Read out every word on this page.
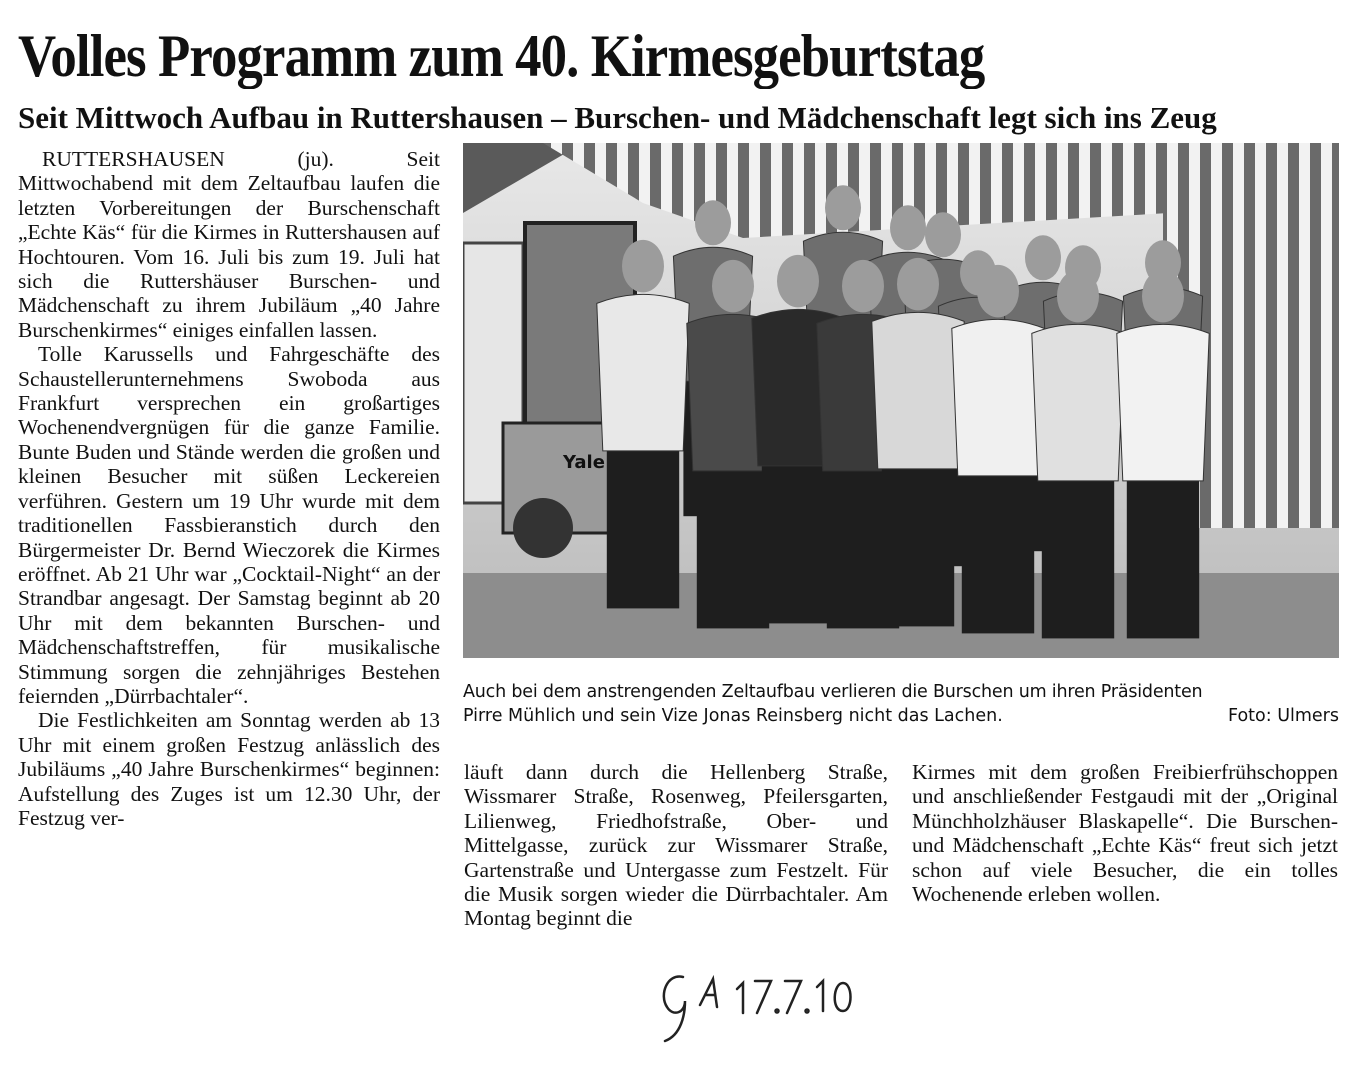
Volles Programm zum 40. Kirmesgeburtstag
Seit Mittwoch Aufbau in Ruttershausen – Burschen- und Mädchenschaft legt sich ins Zeug

RUTTERSHAUSEN (ju).	Seit Mittwochabend mit dem Zeltaufbau laufen die letzten Vorbereitungen der Burschenschaft „Echte Käs“ für die Kirmes in Ruttershausen auf Hochtouren. Vom 16. Juli bis zum 19. Juli hat sich die Ruttershäuser Burschen- und Mädchenschaft zu ihrem Jubiläum „40 Jahre Burschenkirmes“ einiges einfallen lassen.

Tolle Karussells und Fahrgeschäfte des Schaustellerunternehmens Swoboda aus Frankfurt versprechen ein großartiges Wochenendvergnügen für die ganze Familie. Bunte Buden und Stände werden die großen und kleinen Besucher mit süßen Leckereien verführen. Gestern um 19 Uhr wurde mit dem traditionellen Fassbieranstich durch den Bürgermeister Dr. Bernd Wieczorek die Kirmes eröffnet. Ab 21 Uhr war „Cocktail-Night“ an der Strandbar angesagt. Der Samstag beginnt ab 20 Uhr mit dem bekannten Burschen- und Mädchenschaftstreffen, für musikalische Stimmung sorgen die zehnjähriges Bestehen feiernden „Dürrbachtaler“.

Die Festlichkeiten am Sonntag werden ab 13 Uhr mit einem großen Festzug anlässlich des Jubiläums „40 Jahre Burschenkirmes“ beginnen: Aufstellung des Zuges ist um 12.30 Uhr, der Festzug ver-

Yale
Auch bei dem anstrengenden Zeltaufbau verlieren die Burschen um ihren Präsidenten
Pirre Mühlich und sein Vize Jonas Reinsberg nicht das Lachen.	Foto: Ulmers

läuft dann durch die Hellenberg Straße, Wissmarer Straße, Rosenweg, Pfeilersgarten, Lilienweg, Friedhofstraße, Ober- und Mittelgasse, zurück zur Wissmarer Straße, Gartenstraße und Untergasse zum Festzelt. Für die Musik sorgen wieder die Dürrbachtaler. Am Montag beginnt die

Kirmes mit dem großen Freibierfrühschoppen und anschließender Festgaudi mit der „Original Münchholzhäuser Blaskapelle“. Die Burschen- und Mädchenschaft „Echte Käs“ freut sich jetzt schon auf viele Besucher, die ein tolles Wochenende erleben wollen.
